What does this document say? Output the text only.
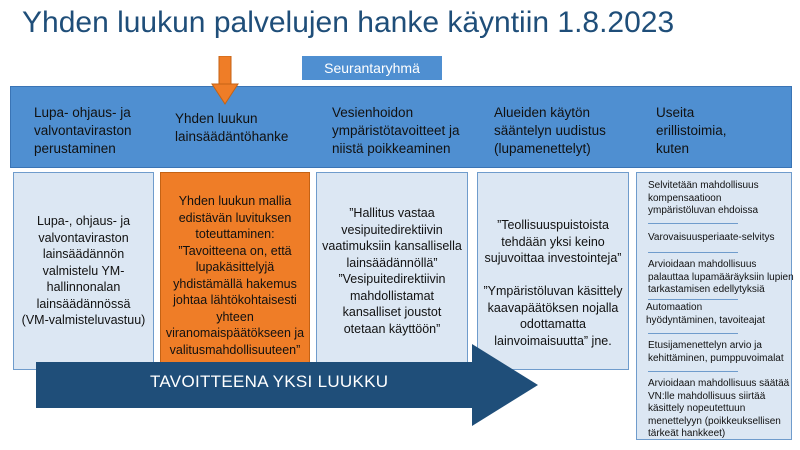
Yhden luukun palvelujen hanke käyntiin 1.8.2023
Seurantaryhmä
Lupa- ohjaus- ja
valvontaviraston
perustaminen
Yhden luukun
lainsäädäntöhanke
Vesienhoidon
ympäristötavoitteet ja
niistä poikkeaminen
Alueiden käytön
sääntelyn uudistus
(lupamenettelyt)
Useita
erillistoimia,
kuten
Lupa-, ohjaus- ja
valvontaviraston
lainsäädännön
valmistelu YM-
hallinnonalan
lainsäädännössä
(VM-valmisteluvastuu)
Yhden luukun mallia
edistävän luvituksen
toteuttaminen:
”Tavoitteena on, että
lupakäsittelyjä
yhdistämällä hakemus
johtaa lähtökohtaisesti
yhteen
viranomaispäätökseen ja
valitusmahdollisuuteen”
”Hallitus vastaa
vesipuitedirektiivin
vaatimuksiin kansallisella
lainsäädännöllä”
”Vesipuitedirektiivin
mahdollistamat
kansalliset joustot
otetaan käyttöön”
”Teollisuuspuistoista
tehdään yksi keino
sujuvoittaa investointeja”

”Ympäristöluvan käsittely
kaavapäätöksen nojalla
odottamatta
lainvoimaisuutta” jne.
Selvitetään mahdollisuus
kompensaatioon
ympäristöluvan ehdoissa
Varovaisuusperiaate-selvitys
Arvioidaan mahdollisuus
palauttaa lupamääräyksiin lupien
tarkastamisen edellytyksiä
Automaation
hyödyntäminen, tavoiteajat
Etusijamenettelyn arvio ja
kehittäminen, pumppuvoimalat
Arvioidaan mahdollisuus säätää
VN:lle mahdollisuus siirtää
käsittely nopeutettuun
menettelyyn (poikkeuksellisen
tärkeät hankkeet)
TAVOITTEENA YKSI LUUKKU
